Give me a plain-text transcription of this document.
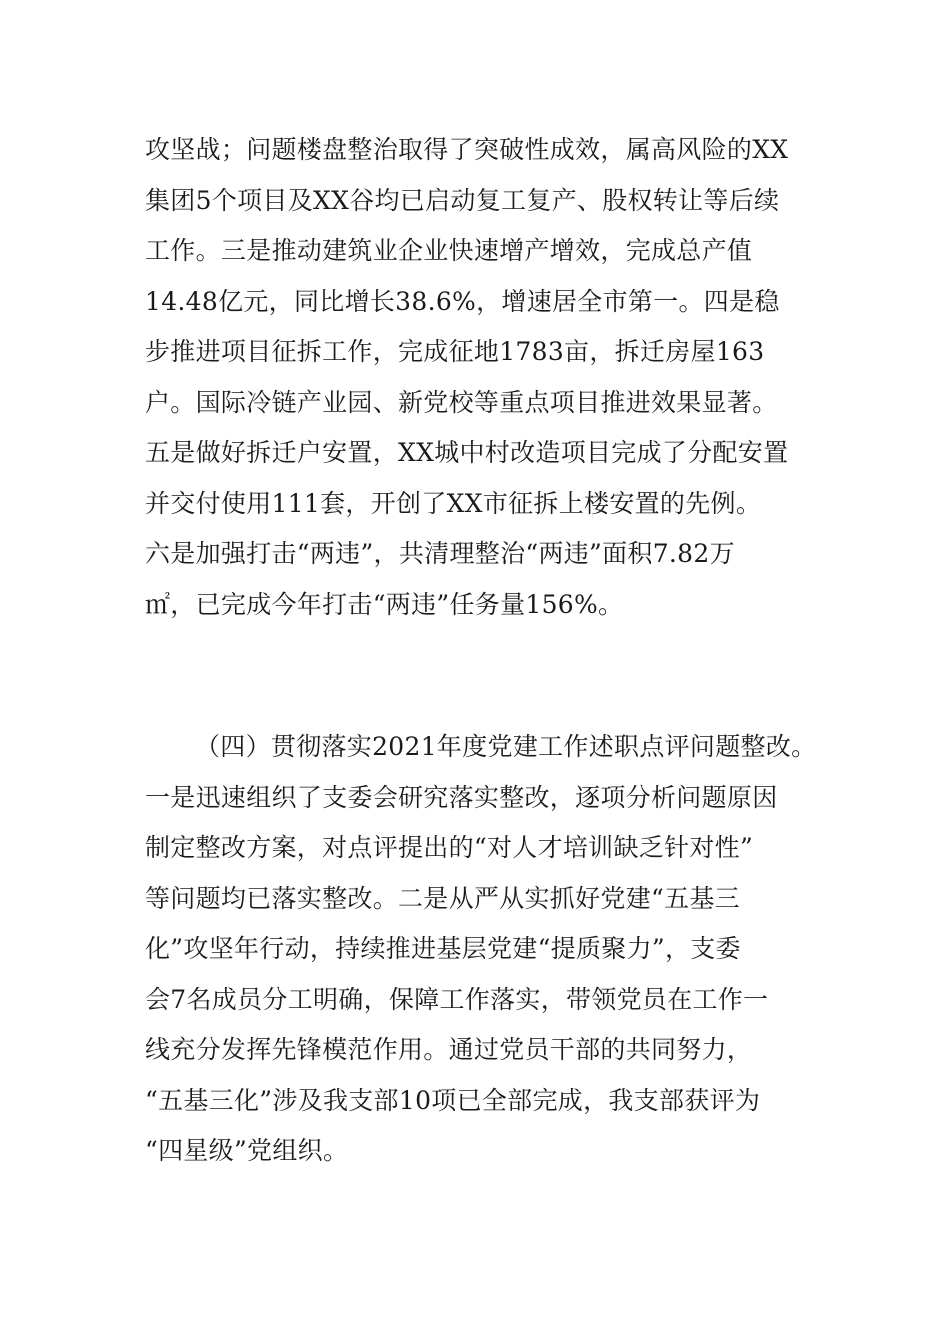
攻坚战；问题楼盘整治取得了突破性成效，属高风险的XX
集团5个项目及XX谷均已启动复工复产、股权转让等后续
工作。三是推动建筑业企业快速增产增效，完成总产值
14.48亿元，同比增长38.6%，增速居全市第一。四是稳
步推进项目征拆工作，完成征地1783亩，拆迁房屋163
户。国际冷链产业园、新党校等重点项目推进效果显著。
五是做好拆迁户安置，XX城中村改造项目完成了分配安置
并交付使用111套，开创了XX市征拆上楼安置的先例。
六是加强打击“两违”，共清理整治“两违”面积7.82万
㎡，已完成今年打击“两违”任务量156%。
（四）贯彻落实2021年度党建工作述职点评问题整改。
一是迅速组织了支委会研究落实整改，逐项分析问题原因
制定整改方案，对点评提出的“对人才培训缺乏针对性”
等问题均已落实整改。二是从严从实抓好党建“五基三
化”攻坚年行动，持续推进基层党建“提质聚力”，支委
会7名成员分工明确，保障工作落实，带领党员在工作一
线充分发挥先锋模范作用。通过党员干部的共同努力，
“五基三化”涉及我支部10项已全部完成，我支部获评为
“四星级”党组织。
